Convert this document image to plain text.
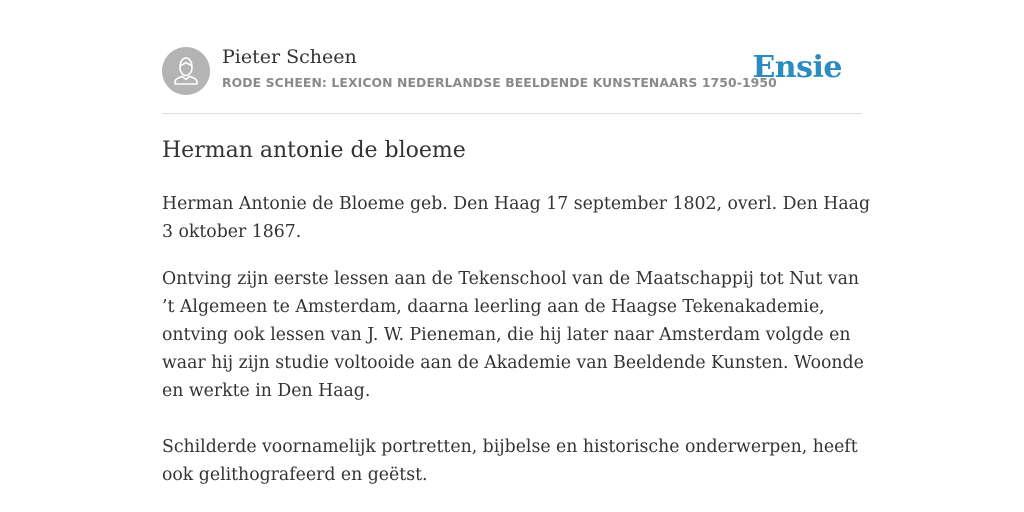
Pieter Scheen
RODE SCHEEN: LEXICON NEDERLANDSE BEELDENDE KUNSTENAARS 1750-1950
Ensie
Herman antonie de bloeme

Herman Antonie de Bloeme geb. Den Haag 17 september 1802, overl. Den Haag 3 oktober 1867.

Ontving zijn eerste lessen aan de Tekenschool van de Maatschappij tot Nut van ’t Algemeen te Amsterdam, daarna leerling aan de Haagse Tekenakademie, ontving ook lessen van J. W. Pieneman, die hij later naar Amsterdam volgde en waar hij zijn studie voltooide aan de Akademie van Beeldende Kunsten. Woonde en werkte in Den Haag.

Schilderde voornamelijk portretten, bijbelse en historische onderwerpen, heeft ook gelithografeerd en geëtst.
